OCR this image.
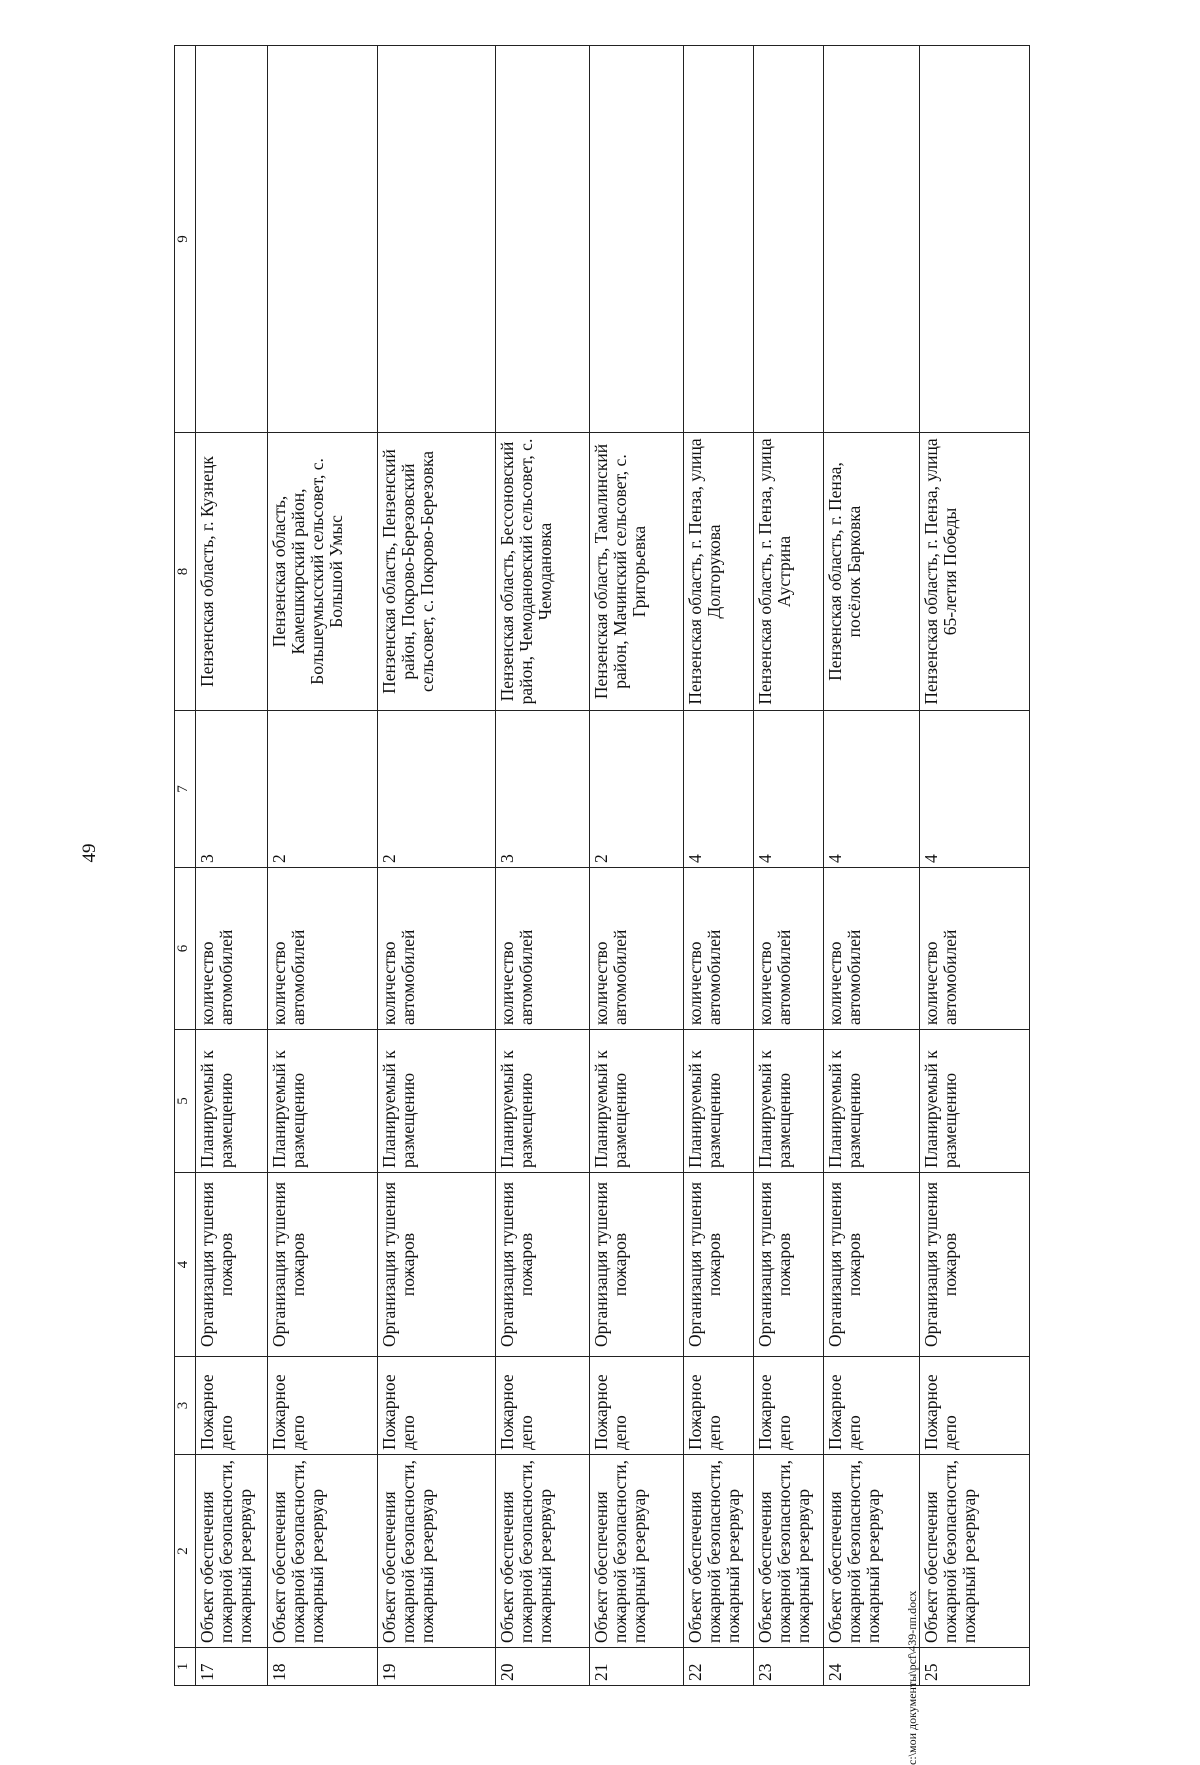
49
1	2	3	4	5	6	7	8	9
17	Объект обеспечения пожарной безопасности, пожарный резервуар	Пожарное депо	Организация тушения пожаров	Планируемый к размещению	количество автомобилей	3	Пензенская область, г. Кузнецк	
18	Объект обеспечения пожарной безопасности, пожарный резервуар	Пожарное депо	Организация тушения пожаров	Планируемый к размещению	количество автомобилей	2	Пензенская область, Камешкирский район, Большеумысский сельсовет, с. Большой Умыс	
19	Объект обеспечения пожарной безопасности, пожарный резервуар	Пожарное депо	Организация тушения пожаров	Планируемый к размещению	количество автомобилей	2	Пензенская область, Пензенский район, Покрово-Березовский сельсовет, с. Покрово-Березовка	
20	Объект обеспечения пожарной безопасности, пожарный резервуар	Пожарное депо	Организация тушения пожаров	Планируемый к размещению	количество автомобилей	3	Пензенская область, Бессоновский район, Чемодановский сельсовет, с. Чемодановка	
21	Объект обеспечения пожарной безопасности, пожарный резервуар	Пожарное депо	Организация тушения пожаров	Планируемый к размещению	количество автомобилей	2	Пензенская область, Тамалинский район, Мачинский сельсовет, с. Григорьевка	
22	Объект обеспечения пожарной безопасности, пожарный резервуар	Пожарное депо	Организация тушения пожаров	Планируемый к размещению	количество автомобилей	4	Пензенская область, г. Пенза, улица Долгорукова	
23	Объект обеспечения пожарной безопасности, пожарный резервуар	Пожарное депо	Организация тушения пожаров	Планируемый к размещению	количество автомобилей	4	Пензенская область, г. Пенза, улица Аустрина	
24	Объект обеспечения пожарной безопасности, пожарный резервуар	Пожарное депо	Организация тушения пожаров	Планируемый к размещению	количество автомобилей	4	Пензенская область, г. Пенза, посёлок Барковка	
25	Объект обеспечения пожарной безопасности, пожарный резервуар	Пожарное депо	Организация тушения пожаров	Планируемый к размещению	количество автомобилей	4	Пензенская область, г. Пенза, улица 65-летия Победы	
c:\мои документы\pcf\439-пп.docx
